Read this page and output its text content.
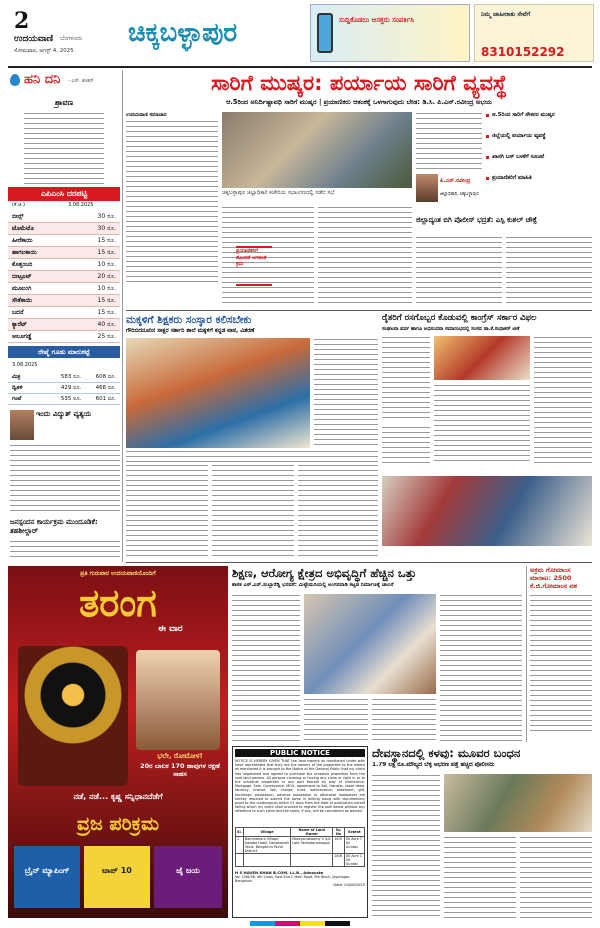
2
ಉದಯವಾಣಿ ಬೆಂಗಳೂರು
ಸೋಮವಾರ, ಆಗಸ್ಟ್ 4, 2025
ಚಿಕ್ಕಬಳ್ಳಾಪುರ	ಸುದ್ದಿಕೊಡಲು ಆಸಕ್ತರು ಸಂಪರ್ಕಿಸಿ
ನಿಮ್ಮ ಜಾಹೀರಾತು ಸೇವೆಗೆ
8310152292
ಹನಿ ದನಿ - ಎನ್. ಶಂಕರ್
ಶ್ರಾವಣ
ಎಪಿಎಂಸಿ ದರಪಟ್ಟಿ
(ಕೆ.ಜಿ.)	3.08.2025
ಬೀನ್ಸ್	30 ರೂ.
ಟೊಮೆಟೊ	30 ರೂ.
ಹೀರೆಕಾಯಿ	15 ರೂ.
ಹಾಗಲಕಾಯಿ	15 ರೂ.
ಕೊತ್ತಂಬರಿ	10 ರೂ.
ಬೀಟ್ರೂಟ್	20 ರೂ.
ಮೂಲಂಗಿ	10 ರೂ.
ಸೌತೆಕಾಯಿ	15 ರೂ.
ಬದನೆ	15 ರೂ.
ಕ್ಯಾರೆಟ್	40 ರೂ.
ಆಲೂಗಡ್ಡೆ	25 ರೂ.
ರೇಷ್ಮೆ ಗೂಡು ಮಾರುಕಟ್ಟೆ
3.08.2025
ಮಿಶ್ರ	583 ರೂ.	608 ರೂ.
ದ್ವಿತಳಿ	429 ರೂ.	466 ರೂ.
ಗಂಟೆ	535 ರೂ.	601 ರೂ.
ಇಂದು ವಿದ್ಯುತ್ ವ್ಯತ್ಯಯ
ಜನಸ್ಪಂದನ ಕಾರ್ಯಕ್ರಮ ಮುಂದೂಡಿಕೆ: ತಹಶೀಲ್ದಾರ್
ಸಾರಿಗೆ ಮುಷ್ಕರ: ಪರ್ಯಾಯ ಸಾರಿಗೆ ವ್ಯವಸ್ಥೆ
ಆ.5ರಿಂದ ಅನಿರ್ದಿಷ್ಟಾವಧಿ ಸಾರಿಗೆ ಮುಷ್ಕರ | ಪ್ರಯಾಣಿಕರು ಆತಂಕಕ್ಕೆ ಒಳಗಾಗುವುದು ಬೇಡ: ಡಿ.ಸಿ. ಪಿ.ಎನ್.ರವೀಂದ್ರ ಅಭಯ
ಉದಯವಾಣಿ ಸಮಾಚಾರ
ಚಿಕ್ಕಬಳ್ಳಾಪುರ ಜಿಲ್ಲಾಧಿಕಾರಿ ಕಚೇರಿಯ ಸಭಾಂಗಣದಲ್ಲಿ ನಡೆದ ಸಭೆ
ಪ್ರಯಾಣಿಕರಿಗೆ ತೊಂದರೆ ಆಗದಂತೆ ಕ್ರಮ
ಪಿ.ಎನ್.ರವೀಂದ್ರ
ಜಿಲ್ಲಾಧಿಕಾರಿ, ಚಿಕ್ಕಬಳ್ಳಾಪುರ
ಆ.5ರಿಂದ ಸಾರಿಗೆ ನೌಕರರ ಮುಷ್ಕರ
ಜಿಲ್ಲೆಯಲ್ಲಿ ಪರ್ಯಾಯ ವ್ಯವಸ್ಥೆ
ಖಾಸಗಿ ಬಸ್ ಬಳಕೆಗೆ ಸೂಚನೆ
ಪ್ರಯಾಣಿಕರಿಗೆ ಮಾಹಿತಿ
ಜಿಲ್ಲಾದ್ಯಂತ ಬಿಗಿ ಪೊಲೀಸ್ ಭದ್ರತೆ: ಎಸ್ಪಿ ಕುಶಲ್ ಚೌಕ್ಸೆ
ಮಕ್ಕಳಿಗೆ ಶಿಕ್ಷಕರು ಸಂಸ್ಕಾರ ಕಲಿಸಬೇಕು
ಗೌರಿಬಿದನೂರಿನ ಸಾಕ್ಷರ ಸರ್ಕಾರಿ ಶಾಲೆ ಮಕ್ಕಳಿಗೆ ಕನ್ನಡ ಪಾಠ, ವಿತರಣೆ
ರೈತರಿಗೆ ರಸಗೊಬ್ಬರ ಕೊಡುವಲ್ಲಿ ಕಾಂಗ್ರೆಸ್ ಸರ್ಕಾರ ವಿಫಲ
ಸಂಘಟನಾ ಪರ್ವ ಹಾಗೂ ಅಭಿನಂದನಾ ಸಮಾರಂಭದಲ್ಲಿ ಸಂಸದ ಡಾ.ಕೆ.ಸುಧಾಕರ್ ಟೀಕೆ
ಶಿಕ್ಷಣ, ಆರೋಗ್ಯ ಕ್ಷೇತ್ರದ ಅಭಿವೃದ್ಧಿಗೆ ಹೆಚ್ಚಿನ ಒತ್ತು
ಶಾಸಕ ಎಸ್.ಎನ್.ಸುಬ್ಬಾರೆಡ್ಡಿ ಭರವಸೆ: ಮಿಟ್ಟೇಮರಿಯಲ್ಲಿ ಅಂಗನವಾಡಿ ಕಟ್ಟಡ ನಿರ್ಮಾಣಕ್ಕೆ ಚಾಲನೆ
ಅಕ್ರಮ ಗೋಮಾಂಸ ಮಾರಾಟ: 2500 ಕೆ.ಜಿ.ಗೋಮಾಂಸ ವಶ
ಪ್ರತಿ ಗುರುವಾರ ಉದಯವಾಣಿಯೊಂದಿಗೆ
ತರಂಗ
ಈ ವಾರ
ಭಲೇ, ರೋಟೋಳ!
20ರ ಬಾಲಕ 170 ಹಾವುಗಳ ರಕ್ಷಣೆ ಸಾಹಸ
ನಡೆ, ನಡೆ... ಕೃಷ್ಣ ಸನ್ನಿಧಾನದೆಡೆಗೆ
ವ್ರಜ ಪರಿಕ್ರಮ
ಬ್ರೈನ್ ಮ್ಯಾಪಿಂಗ್	ಟಾಪ್ 10	ಜೈ ಜಯ
PUBLIC NOTICE
NOTICE IS HEREBY GIVEN THAT the land owners as mentioned under with have represented that they are the owners of the properties to the extent as mentioned it is brought to the Notice of the General Public that my client has negotiated and agreed to purchase the schedule properties from the said land owners. All persons claiming or having any claim or right in or to the schedule properties or any part thereof by way of inheritance, Mortgage, Sale, Conveyance, MOU, agreement to Sell, transfer, lease deed, tenancy, license, lien, charge, trust, maintenance, easement, gift, exchange, possession, adverse possession or otherwise howsoever are hereby required to submit the same in writing along with documentary proof to the undersigned within 07 days from the date of publication hereof failing which my client shall proceed to register the sale deeds without any reference to such claim and the same, if any, will be considered as waived.
Sl.	Village	Name of Land Owner	Sy. No	Extent
1	Bommanara Village, Kasaba Hobli, Devanahalli Taluk, Bengaluru Rural District	Narayanaswamy V S/o Late Venkataramappa	16/5	00 Acre 7 00 Guntas
			16/6	00 Acre 1 00 Guntas
H S HAVEN KHAN B.COM, LL.B., Advocate
No. 1/08/36, 4th Cross, East End C Main Road, 9th Block, Jayanagar, Bengaluru
Date: 04/08/2025
ದೇವಸ್ಥಾನದಲ್ಲಿ ಕಳವು: ಮೂವರ ಬಂಧನ
1.79 ಲಕ್ಷ ರೂ.ಮೌಲ್ಯದ ಬೆಳ್ಳಿ ಆಭರಣ ಪತ್ತೆ ಹಚ್ಚಿದ ಪೊಲೀಸರು
